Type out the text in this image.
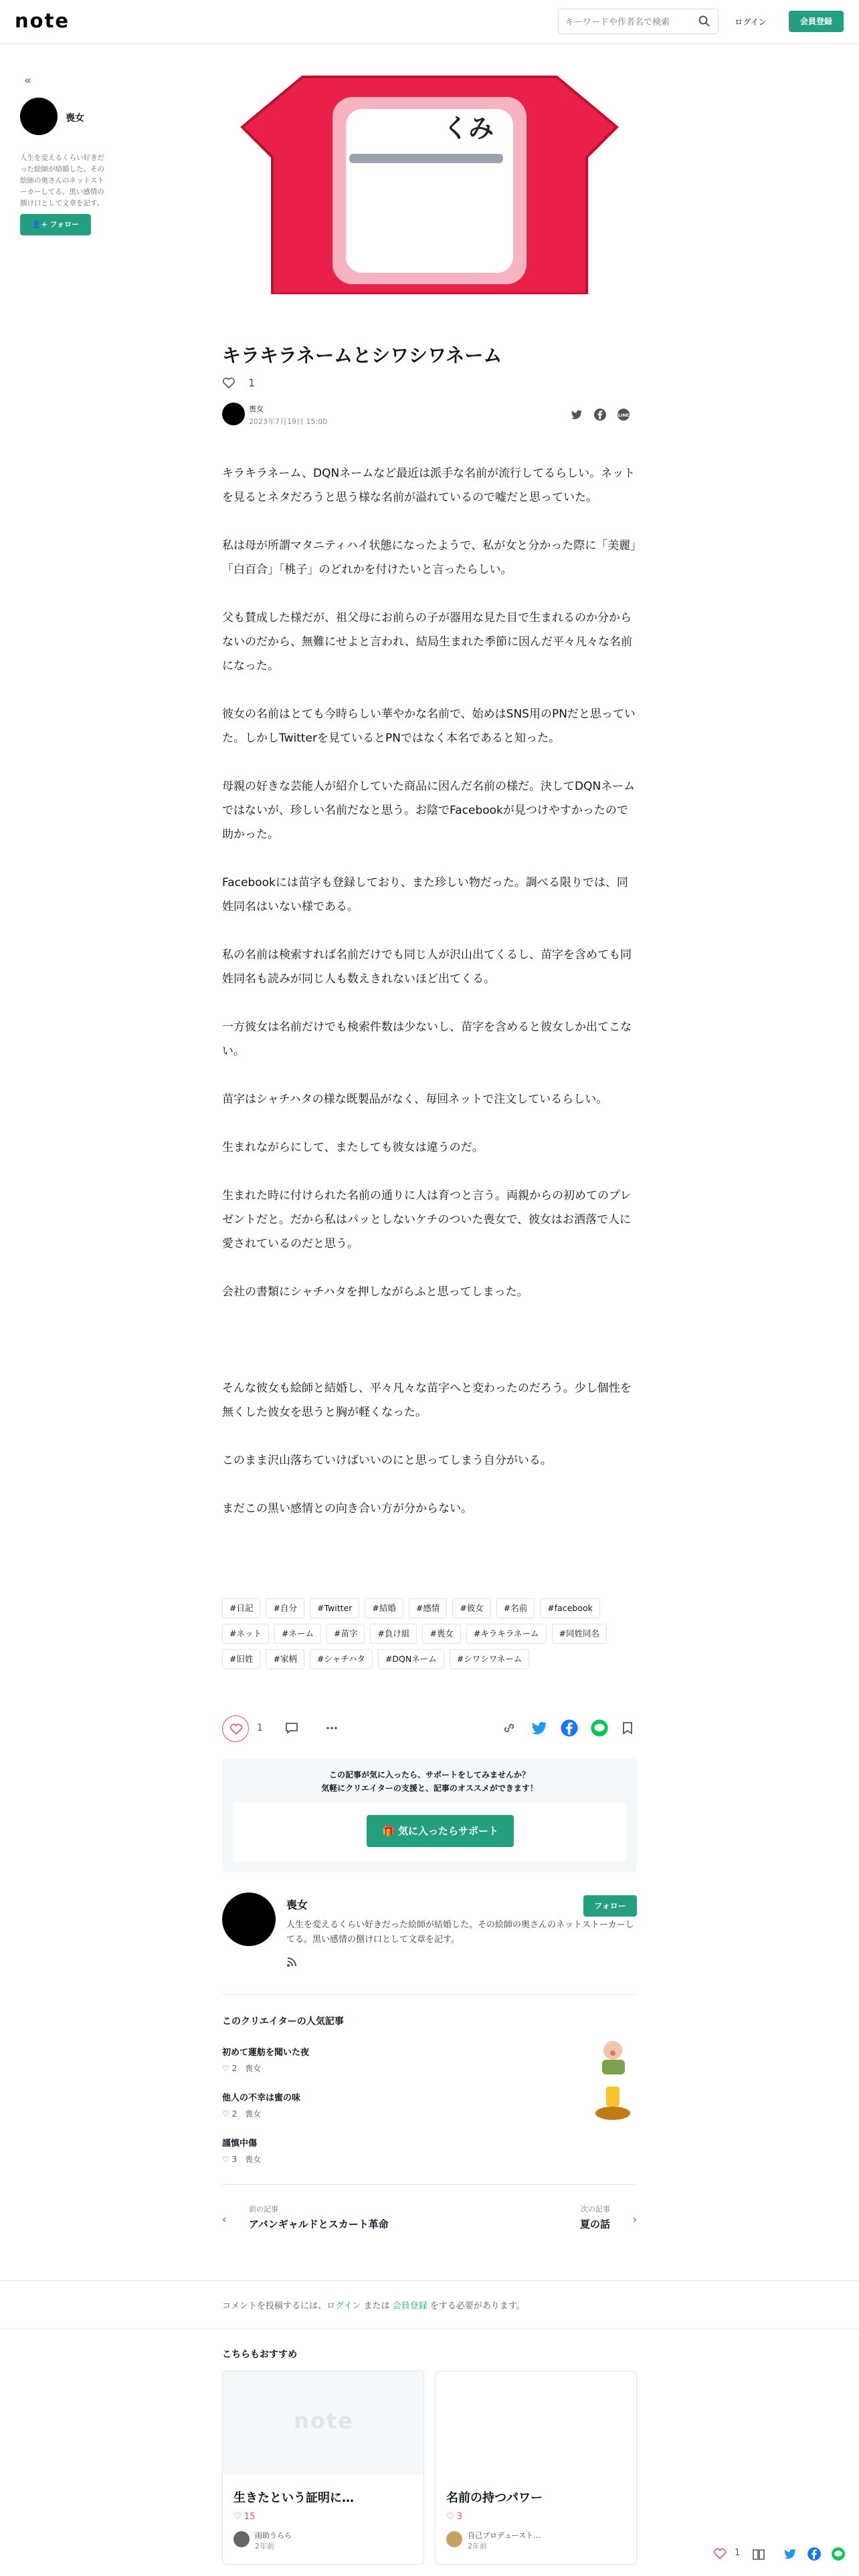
note
キーワードや作者名で検索	ログイン	会員登録
«
喪女
人生を変えるくらい好きだった絵師が結婚した。その絵師の奥さんのネットストーカーしてる。黒い感情の捌け口として文章を記す。
👤+ フォロー
くみ
キラキラネームとシワシワネーム
1
喪女
2023年7月19日 15:00
LINE

キラキラネーム、DQNネームなど最近は派手な名前が流行してるらしい。ネットを見るとネタだろうと思う様な名前が溢れているので嘘だと思っていた。

私は母が所謂マタニティハイ状態になったようで、私が女と分かった際に「美麗」「白百合」「桃子」のどれかを付けたいと言ったらしい。

父も賛成した様だが、祖父母にお前らの子が器用な見た目で生まれるのか分からないのだから、無難にせよと言われ、結局生まれた季節に因んだ平々凡々な名前になった。

彼女の名前はとても今時らしい華やかな名前で、始めはSNS用のPNだと思っていた。しかしTwitterを見ているとPNではなく本名であると知った。

母親の好きな芸能人が紹介していた商品に因んだ名前の様だ。決してDQNネームではないが、珍しい名前だなと思う。お陰でFacebookが見つけやすかったので助かった。

Facebookには苗字も登録しており、また珍しい物だった。調べる限りでは、同姓同名はいない様である。

私の名前は検索すれば名前だけでも同じ人が沢山出てくるし、苗字を含めても同姓同名も読みが同じ人も数えきれないほど出てくる。

一方彼女は名前だけでも検索件数は少ないし、苗字を含めると彼女しか出てこない。

苗字はシャチハタの様な既製品がなく、毎回ネットで注文しているらしい。

生まれながらにして、またしても彼女は違うのだ。

生まれた時に付けられた名前の通りに人は育つと言う。両親からの初めてのプレゼントだと。だから私はパッとしないケチのついた喪女で、彼女はお洒落で人に愛されているのだと思う。

会社の書類にシャチハタを押しながらふと思ってしまった。

そんな彼女も絵師と結婚し、平々凡々な苗字へと変わったのだろう。少し個性を無くした彼女を思うと胸が軽くなった。

このまま沢山落ちていけばいいのにと思ってしまう自分がいる。

まだこの黒い感情との向き合い方が分からない。

#日記	#自分	#Twitter	#結婚	#感情	#彼女	#名前	#facebook
#ネット	#ネーム	#苗字	#負け組	#喪女	#キラキラネーム	#同姓同名
#旧姓	#家柄	#シャチハタ	#DQNネーム	#シワシワネーム
1
この記事が気に入ったら、サポートをしてみませんか？
気軽にクリエイターの支援と、記事のオススメができます！
🎁 気に入ったらサポート
喪女	フォロー
人生を変えるくらい好きだった絵師が結婚した。その絵師の奥さんのネットストーカーしてる。黒い感情の捌け口として文章を記す。
このクリエイターの人気記事
初めて蓮舫を聞いた夜
♡ 2　 喪女
他人の不幸は蜜の味
♡ 2　 喪女
謹慎中傷
♡ 3　 喪女
‹
前の記事
アバンギャルドとスカート革命
次の記事
夏の話 ›
コメントを投稿するには、ログイン または 会員登録 をする必要があります。
こちらもおすすめ
note
生きたという証明に…
♡ 15
雨助うらら
2年前
名前の持つパワー
♡ 3
自己プロデュースト…
2年前
1
